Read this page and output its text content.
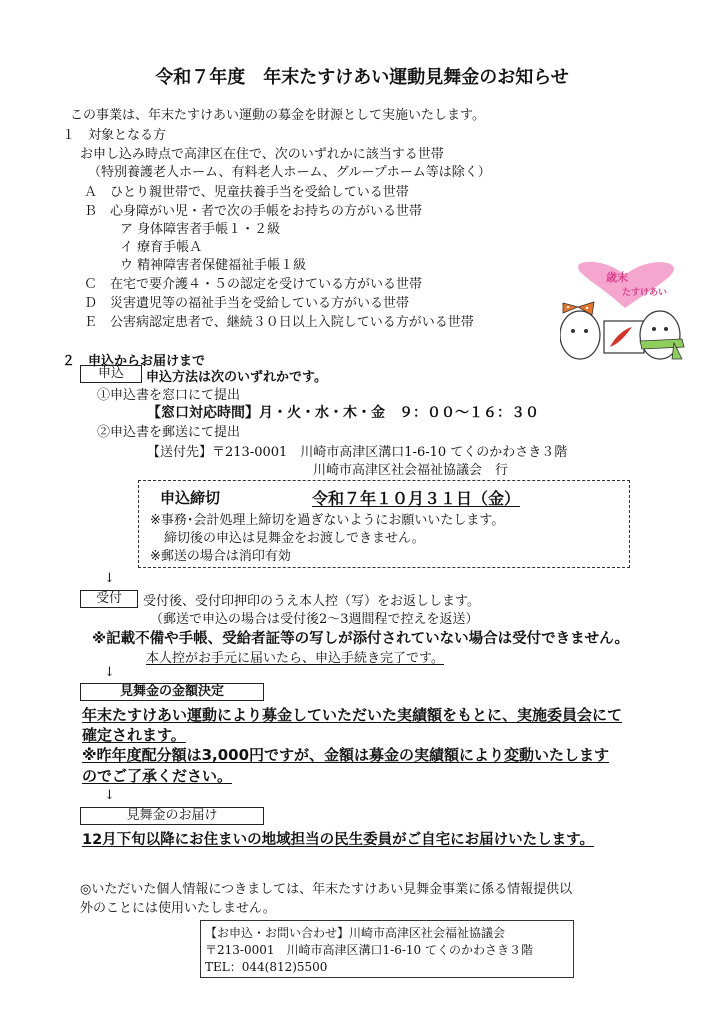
令和７年度　年末たすけあい運動見舞金のお知らせ
この事業は、年末たすけあい運動の募金を財源として実施いたします。
１　対象となる方
お申し込み時点で高津区在住で、次のいずれかに該当する世帯
（特別養護老人ホーム、有料老人ホーム、グループホーム等は除く）
Ａ　ひとり親世帯で、児童扶養手当を受給している世帯
Ｂ　心身障がい児・者で次の手帳をお持ちの方がいる世帯
ア 身体障害者手帳１・２級
イ 療育手帳Ａ
ウ 精神障害者保健福祉手帳１級
Ｃ　在宅で要介護４・５の認定を受けている方がいる世帯
Ｄ　災害遺児等の福祉手当を受給している方がいる世帯
Ｅ　公害病認定患者で、継続３０日以上入院している方がいる世帯
歳末
たすけあい
２　申込からお届けまで
申込	申込方法は次のいずれかです。
①申込書を窓口にて提出
【窓口対応時間】月・火・水・木・金　９：００～１６：３０
②申込書を郵送にて提出
【送付先】〒213-0001　川崎市高津区溝口1-6-10 てくのかわさき３階
川崎市高津区社会福祉協議会　行
申込締切	令和７年１０月３１日（金）
※事務･会計処理上締切を過ぎないようにお願いいたします。
締切後の申込は見舞金をお渡しできません。
※郵送の場合は消印有効
↓
受付	受付後、受付印押印のうえ本人控（写）をお返しします。
（郵送で申込の場合は受付後2～3週間程で控えを返送）
※記載不備や手帳、受給者証等の写しが添付されていない場合は受付できません。
本人控がお手元に届いたら、申込手続き完了です。
↓
見舞金の金額決定
年末たすけあい運動により募金していただいた実績額をもとに、実施委員会にて
確定されます。
※昨年度配分額は3,000円ですが、金額は募金の実績額により変動いたします
のでご了承ください。
↓
見舞金のお届け
12月下旬以降にお住まいの地域担当の民生委員がご自宅にお届けいたします。
◎いただいた個人情報につきましては、年末たすけあい見舞金事業に係る情報提供以
外のことには使用いたしません。
【お申込・お問い合わせ】川崎市高津区社会福祉協議会
〒213-0001　川崎市高津区溝口1-6-10 てくのかわさき３階
TEL：044(812)5500
